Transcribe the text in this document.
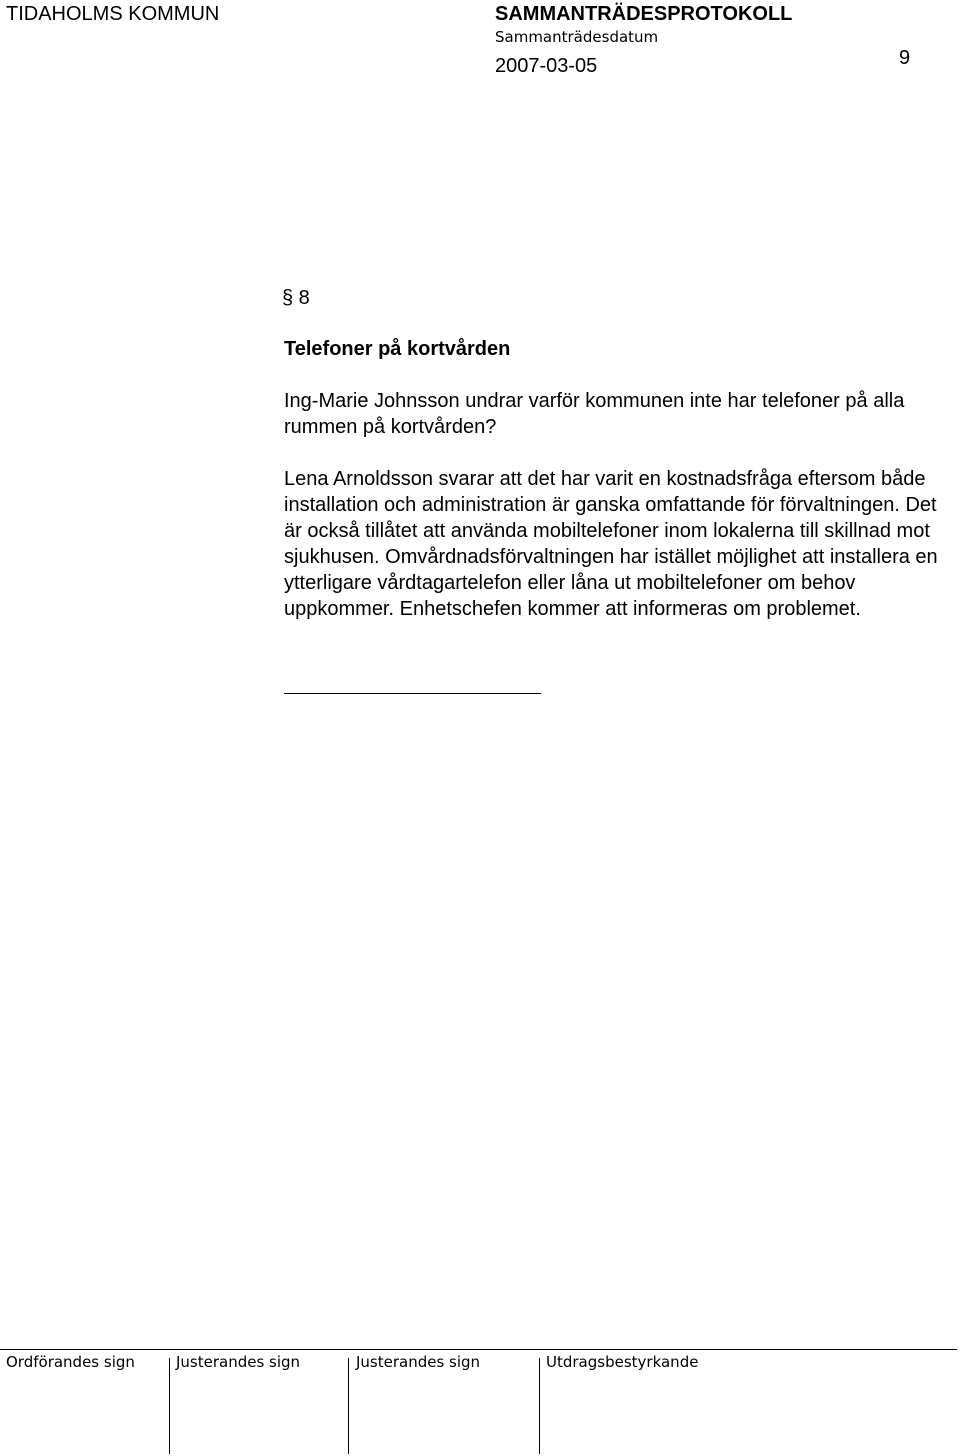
TIDAHOLMS KOMMUN	SAMMANTRÄDESPROTOKOLL
Sammanträdesdatum
2007-03-05	9
§ 8
Telefoner på kortvården

Ing-Marie Johnsson undrar varför kommunen inte har telefoner på alla rummen på kortvården?

Lena Arnoldsson svarar att det har varit en kostnadsfråga eftersom både installation och administration är ganska omfattande för förvaltningen. Det är också tillåtet att använda mobiltelefoner inom lokalerna till skillnad mot sjukhusen. Omvårdnadsförvaltningen har istället möjlighet att installera en ytterligare vårdtagartelefon eller låna ut mobiltelefoner om behov uppkommer. Enhetschefen kommer att informeras om problemet.

Ordförandes sign	Justerandes sign	Justerandes sign	Utdragsbestyrkande
